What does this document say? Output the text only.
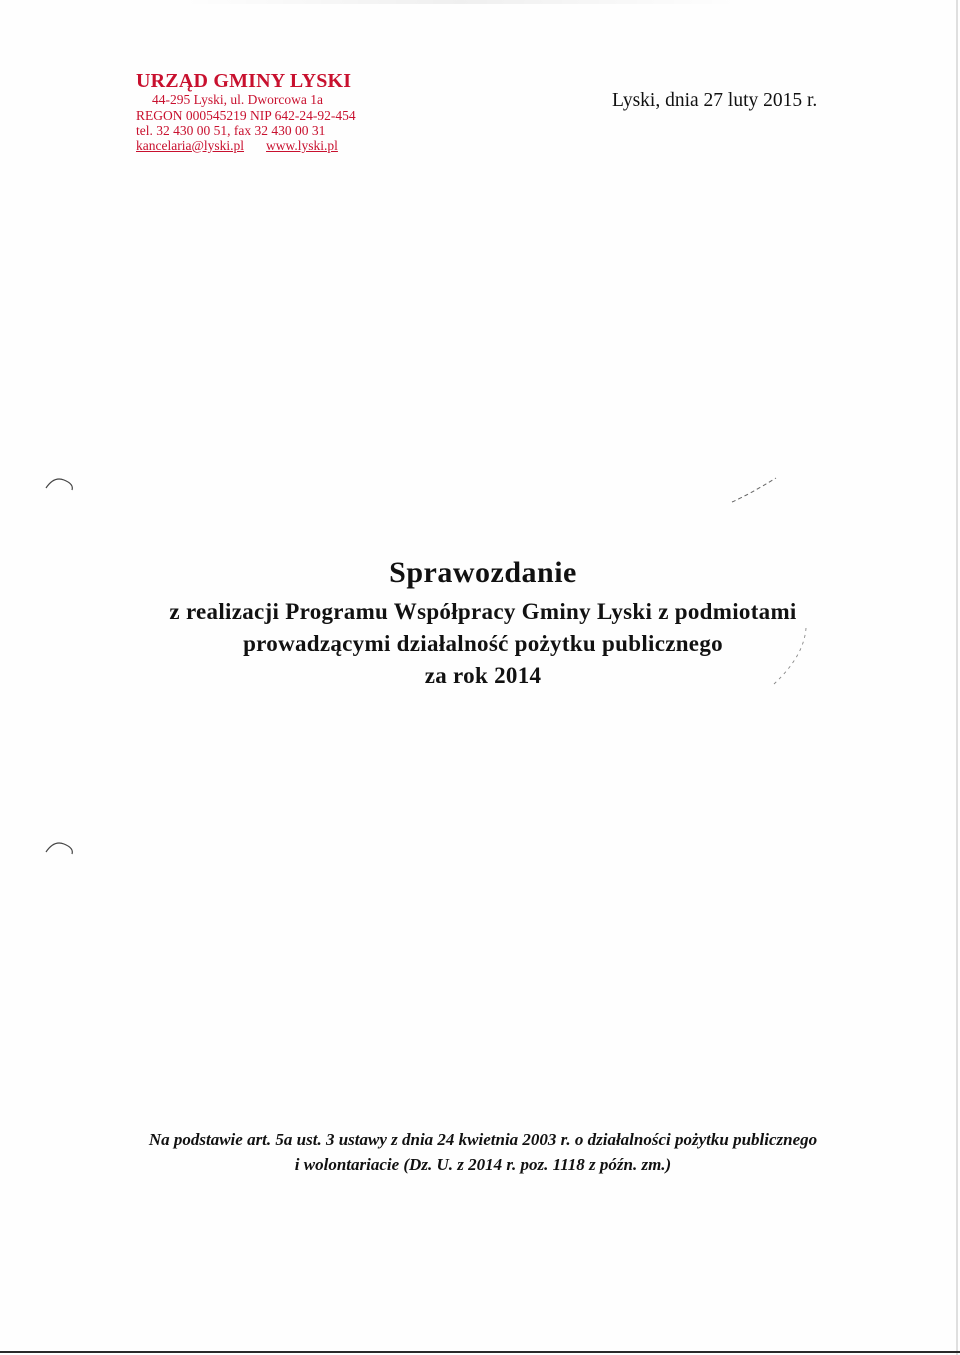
URZĄD GMINY LYSKI
44-295 Lyski, ul. Dworcowa 1a
REGON 000545219 NIP 642-24-92-454
tel. 32 430 00 51, fax 32 430 00 31
kancelaria@lyski.pl www.lyski.pl
Lyski, dnia 27 luty 2015 r.
Sprawozdanie
z realizacji Programu Współpracy Gminy Lyski z podmiotami
prowadzącymi działalność pożytku publicznego
za rok 2014
Na podstawie art. 5a ust. 3 ustawy z dnia 24 kwietnia 2003 r. o działalności pożytku publicznego
i wolontariacie (Dz. U. z 2014 r. poz. 1118 z późn. zm.)
